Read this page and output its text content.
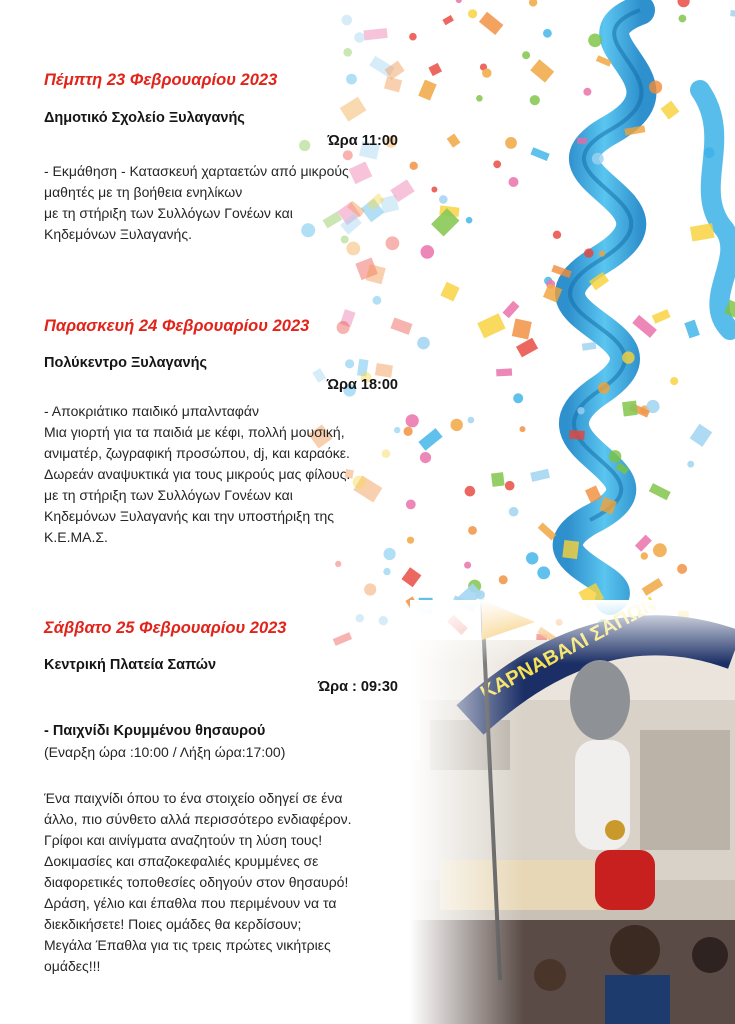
Πέμπτη 23 Φεβρουαρίου 2023
Δημοτικό Σχολείο Ξυλαγανής
Ώρα 11:00
- Εκμάθηση - Κατασκευή χαρταετών από μικρούς
μαθητές με τη βοήθεια ενηλίκων
με τη στήριξη των Συλλόγων Γονέων και
Κηδεμόνων Ξυλαγανής.
Παρασκευή 24 Φεβρουαρίου 2023
Πολύκεντρο Ξυλαγανής
Ώρα 18:00
- Αποκριάτικο παιδικό μπαλνταφάν
Μια γιορτή για τα παιδιά με κέφι, πολλή μουσική,
ανιματέρ, ζωγραφική προσώπου, dj, και καραόκε.
Δωρεάν αναψυκτικά για τους μικρούς μας φίλους.
με τη στήριξη των Συλλόγων Γονέων και
Κηδεμόνων Ξυλαγανής και την υποστήριξη της
Κ.Ε.ΜΑ.Σ.
Σάββατο 25 Φεβρουαρίου 2023
Κεντρική Πλατεία Σαπών
Ώρα : 09:30
- Παιχνίδι Κρυμμένου θησαυρού
(Εναρξη ώρα :10:00 / Λήξη ώρα:17:00)
Ένα παιχνίδι όπου το ένα στοιχείο οδηγεί σε ένα
άλλο, πιο σύνθετο αλλά περισσότερο ενδιαφέρον.
Γρίφοι και αινίγματα αναζητούν τη λύση τους!
Δοκιμασίες και σπαζοκεφαλιές κρυμμένες σε
διαφορετικές τοποθεσίες οδηγούν στον θησαυρό!
Δράση, γέλιο και έπαθλα που περιμένουν να τα
διεκδικήσετε! Ποιες ομάδες θα κερδίσουν;
Μεγάλα Έπαθλα για τις τρεις πρώτες νικήτριες
ομάδες!!!
